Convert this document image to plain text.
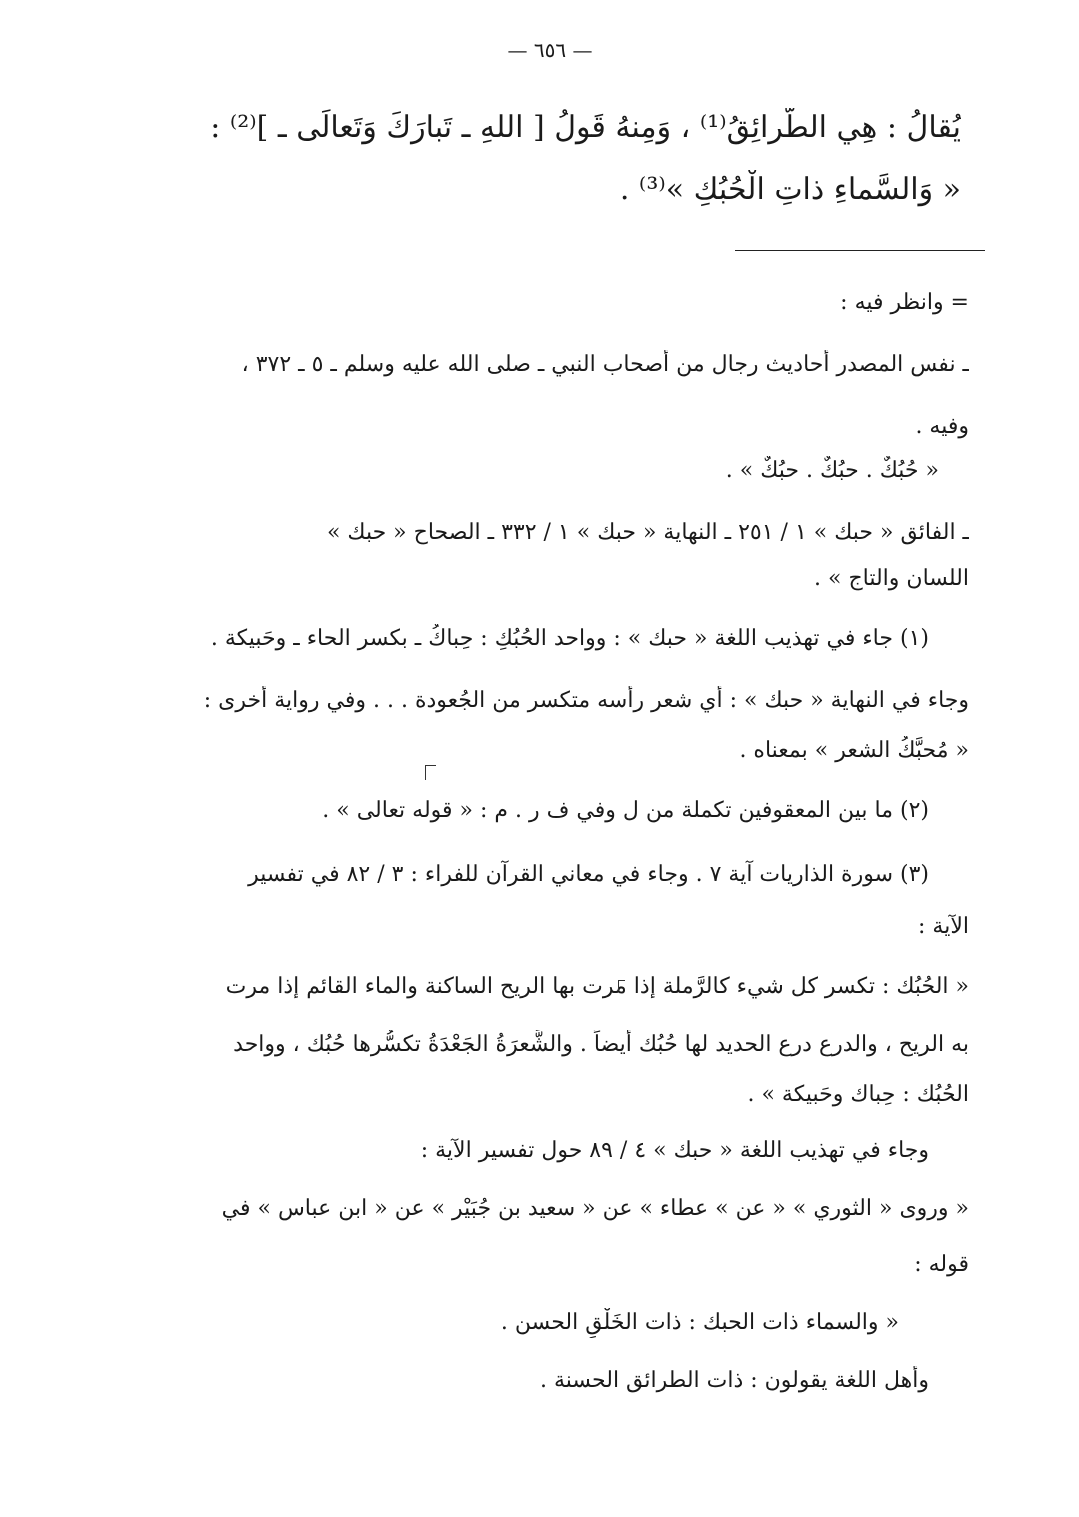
— ٦٥٦ —
يُقالُ : هِي الطَّرائِقُ⁽¹⁾ ، وَمِنهُ قَولُ [ اللهِ ـ تَبارَكَ وَتَعالَى ـ ]⁽²⁾ :
« وَالسَّماءِ ذاتِ الْحُبُكِ »⁽³⁾ .
= وانظر فيه :
ـ نفس المصدر أحاديث رجال من أصحاب النبي ـ صلى الله عليه وسلم ـ ٥ ـ ٣٧٢ ،
وفيه .
« حُبُكٌ . حبُكٌ . حبُكٌ » .
ـ الفائق « حبك » ١ / ٢٥١ ـ النهاية « حبك » ١ / ٣٣٢ ـ الصحاح « حبك »
اللسان والتاج » .
(١) جاء في تهذيب اللغة « حبك » : وواحد الحُبُكِ : حِباكُ ـ بكسر الحاء ـ وحَبيكة .
وجاء في النهاية « حبك » : أي شعر رأسه متكسر من الجُعودة . . . وفي رواية أخرى :
« مُحبَّكُ الشعر » بمعناه .
(٢) ما بين المعقوفين تكملة من ل وفي ف ر . م : « قوله تعالى » .
(٣) سورة الذاريات آية ٧ . وجاء في معاني القرآن للفراء : ٣ / ٨٢ في تفسير
الآية :
« الحُبُك : تكسر كل شيء كالرَّملة إذا مرت بها الريح الساكنة والماء القائم إذا مرت
به الريح ، والدرع درع الحديد لها حُبُك أيضاً . والشَّعرَةُ الجَعْدَةُ تكسُّرها حُبُك ، وواحد
الحُبُك : حِباك وحَبيكة » .
وجاء في تهذيب اللغة « حبك » ٤ / ٨٩ حول تفسير الآية :
« وروى « الثوري » « عن » عطاء » عن « سعيد بن جُبَيْر » عن « ابن عباس » في
قوله :
« والسماء ذات الحبك : ذات الخَلْقِ الحسن .
وأهل اللغة يقولون : ذات الطرائق الحسنة .
